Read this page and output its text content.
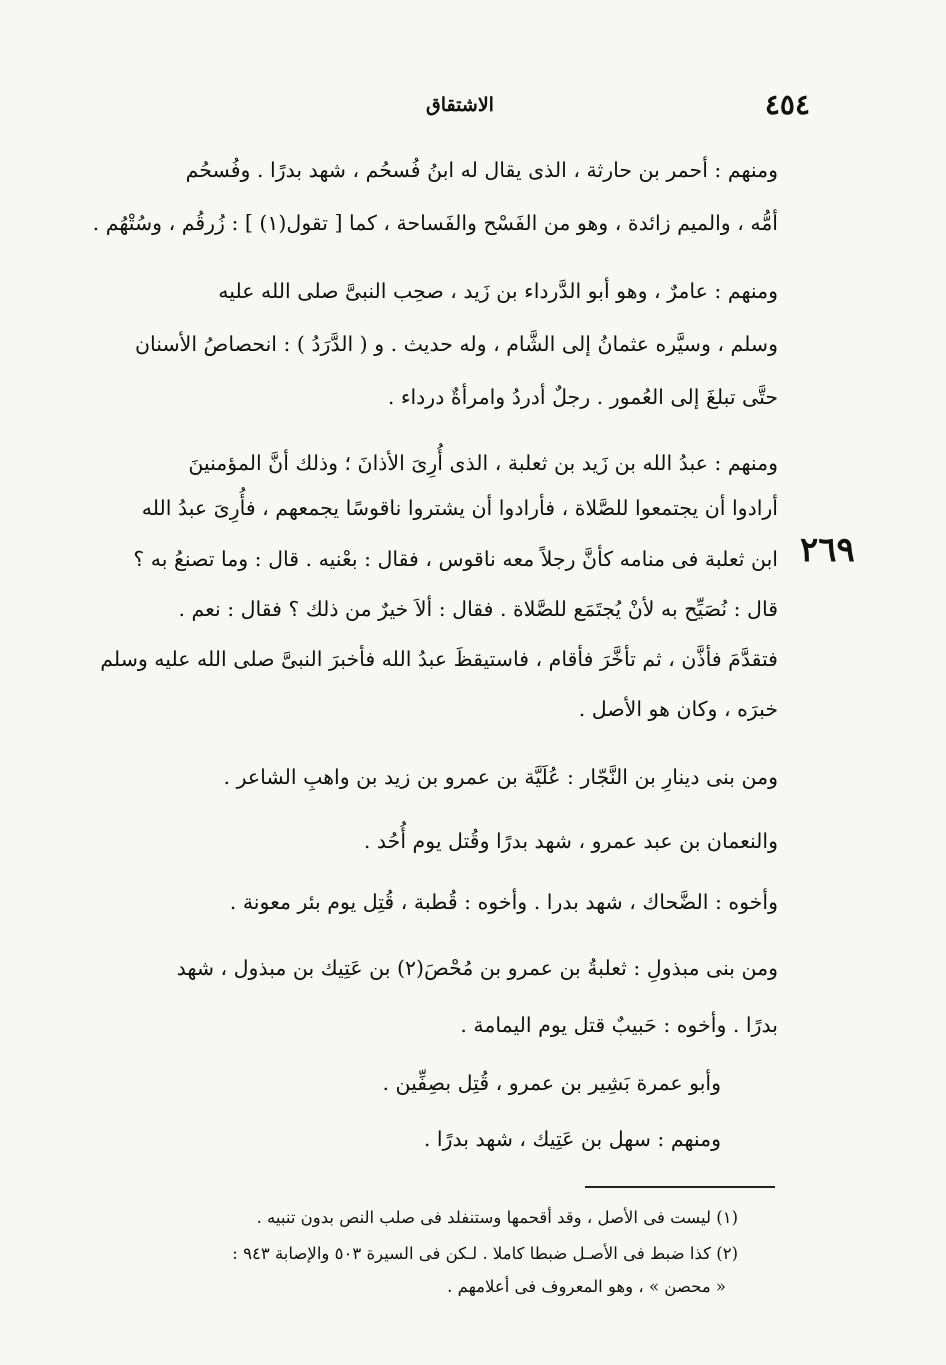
٤٥٤
الاشتقاق
٢٦٩
ومنهم : أحمر بن حارثة ، الذى يقال له ابنُ فُسحُم ، شهد بدرًا . وفُسحُم
أمُّه ، والميم زائدة ، وهو من الفَسْح والفَساحة ، كما [ تقول(١) ] : زُرقُم ، وسُتْهُم .
ومنهم : عامرٌ ، وهو أبو الدَّرداء بن زَيد ، صحِب النبىَّ صلى الله عليه
وسلم ، وسيَّره عثمانُ إلى الشَّام ، وله حديث . و ( الدَّرَدُ ) : انحصاصُ الأسنان
حتَّى تبلغَ إلى العُمور . رجلٌ أدردُ وامرأةٌ درداء .
ومنهم : عبدُ الله بن زَيد بن ثعلبة ، الذى أُرِىَ الأذانَ ؛ وذلك أنَّ المؤمنينَ
أرادوا أن يجتمعوا للصَّلاة ، فأرادوا أن يشتروا ناقوسًا يجمعهم ، فأُرِىَ عبدُ الله
ابن ثعلبة فى منامه كأنَّ رجلاً معه ناقوس ، فقال : بعْنيه . قال : وما تصنعُ به ؟
قال : نُصَيِّح به لأنْ يُجتَمَع للصَّلاة . فقال : ألاَ خيرٌ من ذلك ؟ فقال : نعم .
فتقدَّمَ فأذَّن ، ثم تأخَّرَ فأقام ، فاستيقظَ عبدُ الله فأخبرَ النبىَّ صلى الله عليه وسلم
خبرَه ، وكان هو الأصل .
ومن بنى دينارِ بن النَّجّار : عُلَيَّة بن عمرو بن زيد بن واهبِ الشاعر .
والنعمان بن عبد عمرو ، شهد بدرًا وقُتل يوم أُحُد .
وأخوه : الضَّحاك ، شهد بدرا . وأخوه : قُطبة ، قُتِل يوم بئر معونة .
ومن بنى مبذولِ : ثعلبةُ بن عمرو بن مُحْصَ(٢) بن عَتِيك بن مبذول ، شهد
بدرًا . وأخوه : حَبيبٌ قتل يوم اليمامة .
وأبو عمرة بَشِير بن عمرو ، قُتِل بصِفِّين .
ومنهم : سهل بن عَتِيك ، شهد بدرًا .
(١) ليست فى الأصل ، وقد أقحمها وستنفلد فى صلب النص بدون تنبيه .
(٢) كذا ضبط فى الأصـل ضبطا كاملا . لـكن فى السيرة ٥٠٣ والإصابة ٩٤٣ :
« محصن » ، وهو المعروف فى أعلامهم .
